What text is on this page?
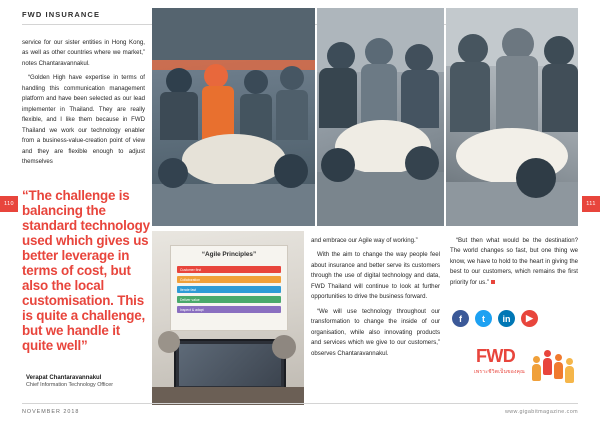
FWD INSURANCE
110	111

service for our sister entities in Hong Kong, as well as other countries where we market,” notes Chantaravannakul.

“Golden High have expertise in terms of handling this communication management platform and have been selected as our lead implementer in Thailand. They are really flexible, and I like them because in FWD Thailand we work our technology enabler from a business-value-creation point of view and they are flexible enough to adjust themselves

“The challenge is balancing the standard technology used which gives us better leverage in terms of cost, but also the local customisation. This is quite a challenge, but we handle it quite well”
Verapat Chantaravannakul
Chief Information Technology Officer
“Agile Principles”
Customer first
Collaboration
Iterate fast
Deliver value
Inspect & adapt

and embrace our Agile way of working.”

With the aim to change the way people feel about insurance and better serve its customers through the use of digital technology and data, FWD Thailand will continue to look at further opportunities to drive the business forward.

“We will use technology throughout our transformation to change the inside of our organisation, while also innovating products and services which we give to our customers,” observes Chantaravannakul.

“But then what would be the destination? The world changes so fast, but one thing we know, we have to hold to the heart in giving the best to our customers, which remains the first priority for us.”

f	t	in	▶
FWD
เพราะชีวิตเป็นของคุณ
NOVEMBER 2018	www.gigabitmagazine.com
